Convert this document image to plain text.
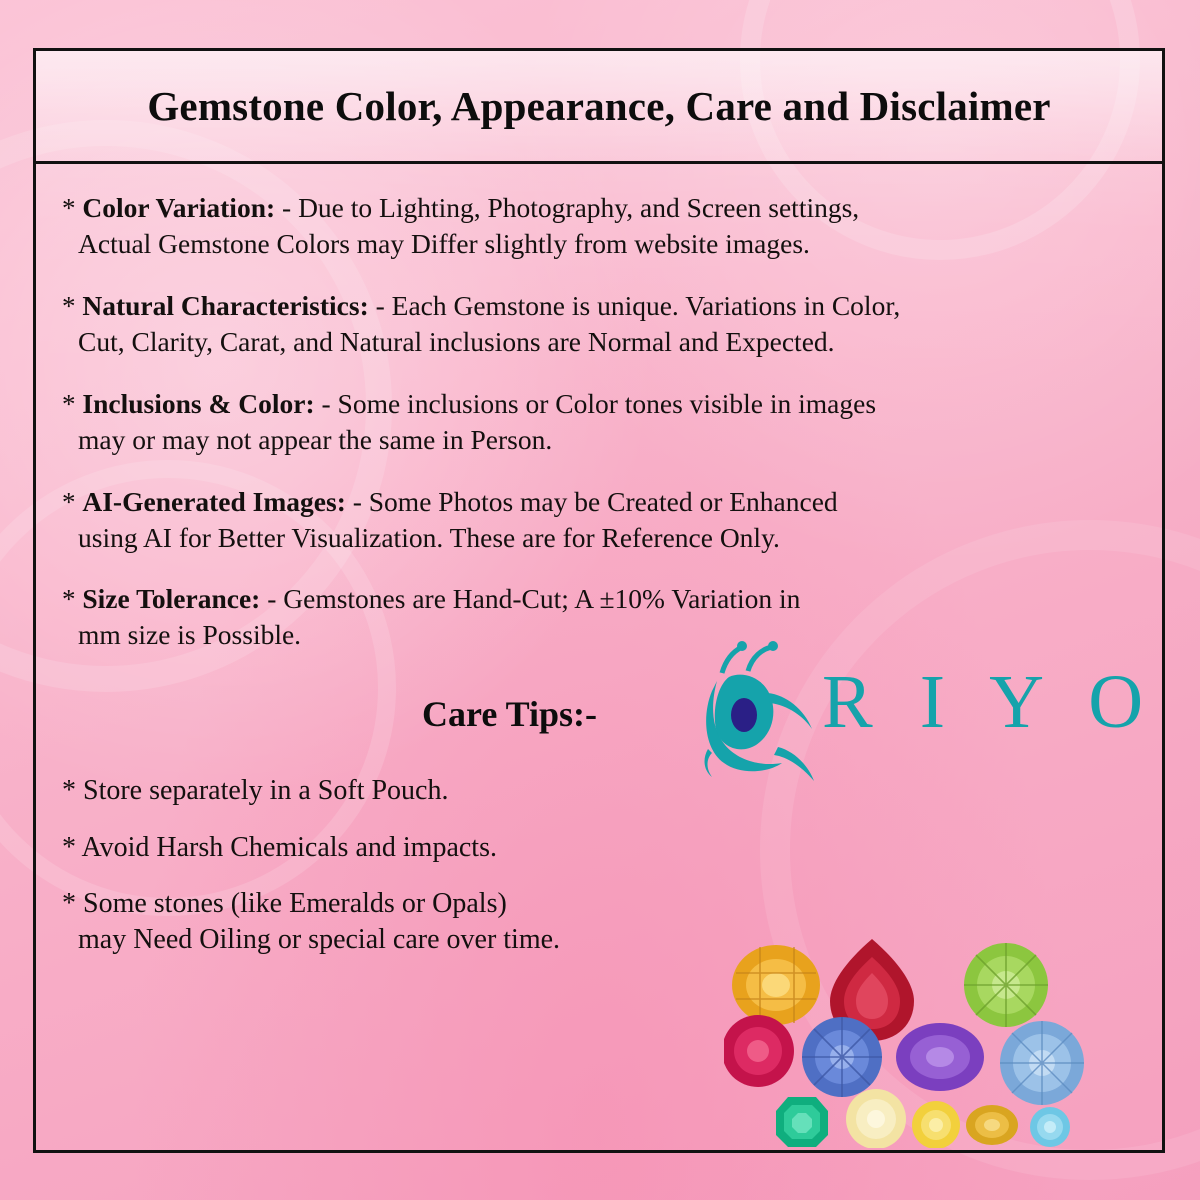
Gemstone Color, Appearance, Care and Disclaimer

* Color Variation: - Due to Lighting, Photography, and Screen settings,
Actual Gemstone Colors may Differ slightly from website images.

* Natural Characteristics: - Each Gemstone is unique. Variations in Color,
Cut, Clarity, Carat, and Natural inclusions are Normal and Expected.

* Inclusions & Color: - Some inclusions or Color tones visible in images
may or may not appear the same in Person.

* AI-Generated Images: - Some Photos may be Created or Enhanced
using AI for Better Visualization. These are for Reference Only.

* Size Tolerance: - Gemstones are Hand-Cut; A ±10% Variation in
mm size is Possible.

Care Tips:-	R I Y O

* Store separately in a Soft Pouch.

* Avoid Harsh Chemicals and impacts.

* Some stones (like Emeralds or Opals)
may Need Oiling or special care over time.
